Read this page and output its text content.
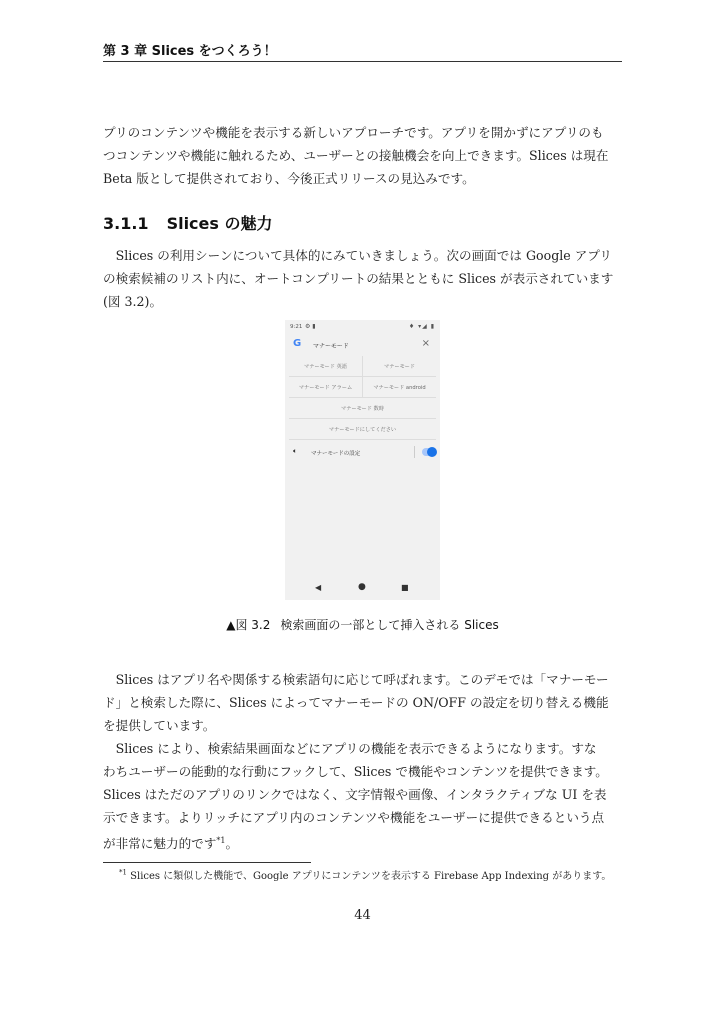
第 3 章 Slices をつくろう！

プリのコンテンツや機能を表示する新しいアプローチです。アプリを開かずにアプリのも

つコンテンツや機能に触れるため、ユーザーとの接触機会を向上できます。Slices は現在

Beta 版として提供されており、今後正式リリースの見込みです。

3.1.1 Slices の魅力

　Slices の利用シーンについて具体的にみていきましょう。次の画面では Google アプリ

の検索候補のリスト内に、オートコンプリートの結果とともに Slices が表示されています

(図 3.2)。

9:21 ⚙ ▮	♦ ▾◢ ▮
G マナーモード	×
マナーモード 英語	マナーモード
マナーモード アラーム	マナーモード android
マナーモード 数時
マナーモードにしてください
🔈︎	マナーモードの設定
◀	●	■
▲図 3.2 検索画面の一部として挿入される Slices

　Slices はアプリ名や関係する検索語句に応じて呼ばれます。このデモでは「マナーモー

ド」と検索した際に、Slices によってマナーモードの ON/OFF の設定を切り替える機能

を提供しています。

　Slices により、検索結果画面などにアプリの機能を表示できるようになります。すな

わちユーザーの能動的な行動にフックして、Slices で機能やコンテンツを提供できます。

Slices はただのアプリのリンクではなく、文字情報や画像、インタラクティブな UI を表

示できます。よりリッチにアプリ内のコンテンツや機能をユーザーに提供できるという点

が非常に魅力的です$^{*1}$。

$^{*1}$ Slices に類似した機能で、Google アプリにコンテンツを表示する Firebase App Indexing があります。
44
